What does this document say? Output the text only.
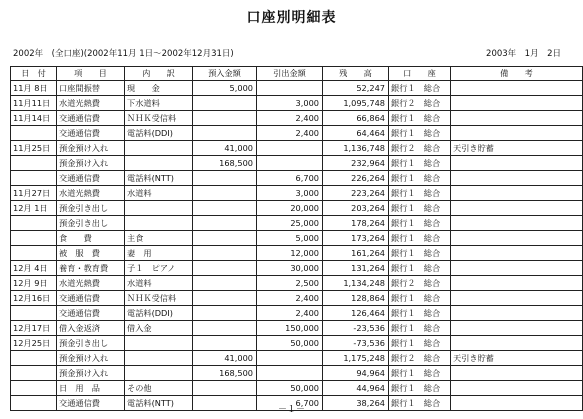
口座別明細表
2002年　(全口座)(2002年11月 1日～2002年12月31日)	2003年　1月　2日
日　付	項　　目	内　　訳	預入金額	引出金額	残　　高	口　　座	備　　考
11月 8日	口座間振替	現　　金	5,000		52,247	銀行１　総合	
11月11日	水道光熱費	下水道料		3,000	1,095,748	銀行２　総合	
11月14日	交通通信費	ＮＨＫ受信料		2,400	66,864	銀行１　総合	
	交通通信費	電話料(DDI)		2,400	64,464	銀行１　総合	
11月25日	預金預け入れ		41,000		1,136,748	銀行２　総合	天引き貯蓄
	預金預け入れ		168,500		232,964	銀行１　総合	
	交通通信費	電話料(NTT)		6,700	226,264	銀行１　総合	
11月27日	水道光熱費	水道料		3,000	223,264	銀行１　総合	
12月 1日	預金引き出し			20,000	203,264	銀行１　総合	
	預金引き出し			25,000	178,264	銀行１　総合	
	食　　費	主食		5,000	173,264	銀行１　総合	
	被　服　費	妻　用		12,000	161,264	銀行１　総合	
12月 4日	養育・教育費	子１　ピアノ		30,000	131,264	銀行１　総合	
12月 9日	水道光熱費	水道料		2,500	1,134,248	銀行２　総合	
12月16日	交通通信費	ＮＨＫ受信料		2,400	128,864	銀行１　総合	
	交通通信費	電話料(DDI)		2,400	126,464	銀行１　総合	
12月17日	借入金返済	借入金		150,000	-23,536	銀行１　総合	
12月25日	預金引き出し			50,000	-73,536	銀行１　総合	
	預金預け入れ		41,000		1,175,248	銀行２　総合	天引き貯蓄
	預金預け入れ		168,500		94,964	銀行１　総合	
	日　用　品	その他		50,000	44,964	銀行１　総合	
	交通通信費	電話料(NTT)		6,700	38,264	銀行１　総合	
－１－
